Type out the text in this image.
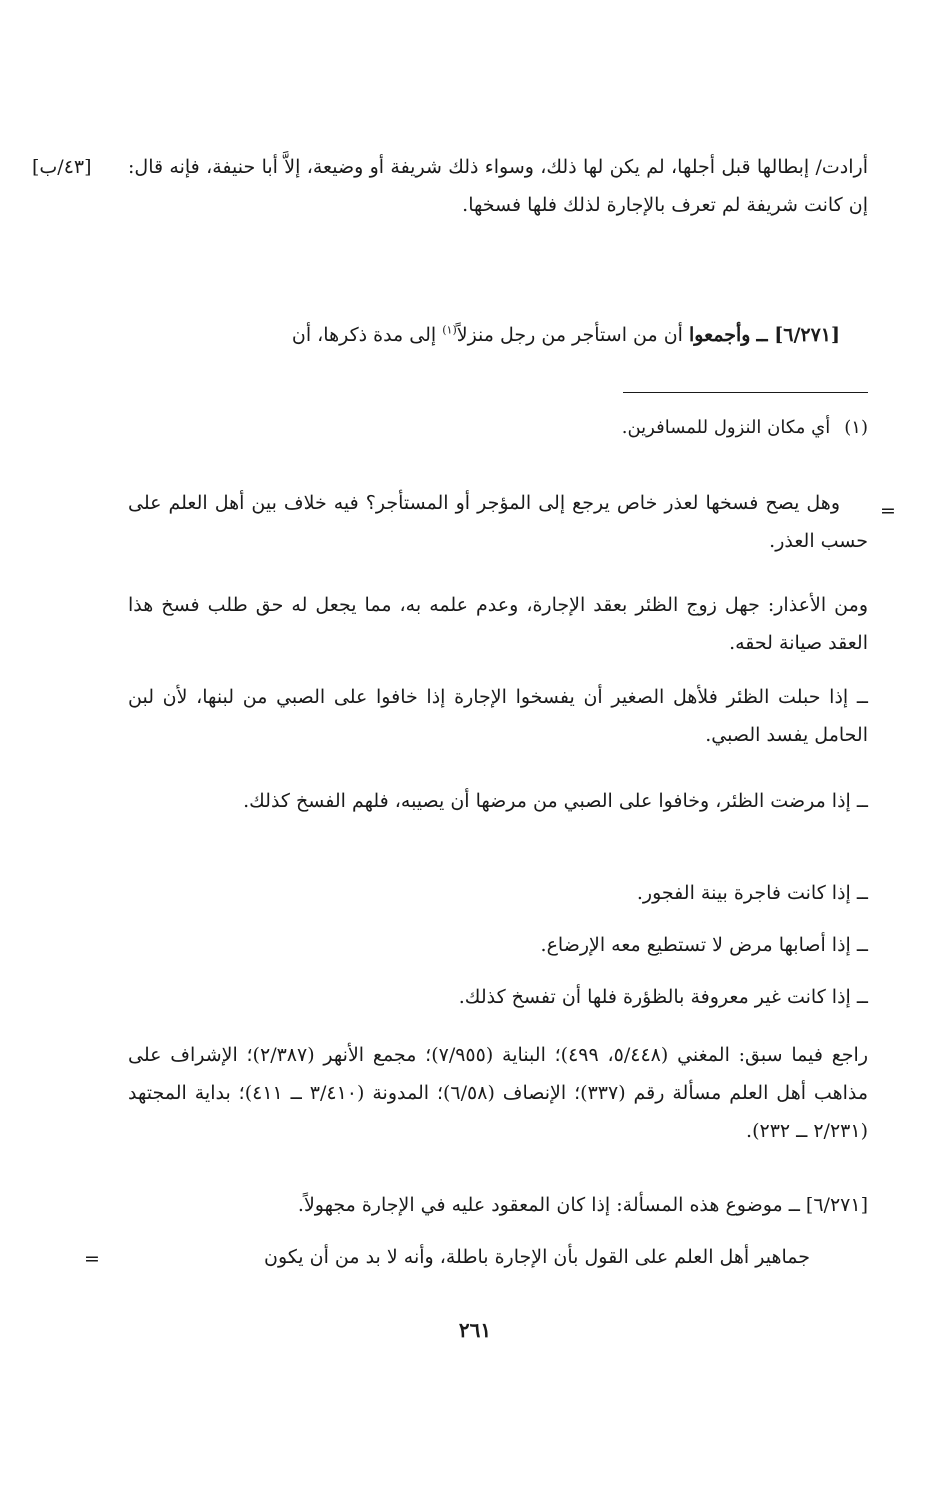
[٤٣/ب] أرادت/ إبطالها قبل أجلها، لم يكن لها ذلك، وسواء ذلك شريفة أو وضيعة، إلاَّ أبا حنيفة، فإنه قال: إن كانت شريفة لم تعرف بالإجارة لذلك فلها فسخها.
[٦/٢٧١] ــ وأجمعوا أن من استأجر من رجل منزلاً$^{(١)}$ إلى مدة ذكرها، أن
(١)أي مكان النزول للمسافرين.
=
وهل يصح فسخها لعذر خاص يرجع إلى المؤجر أو المستأجر؟ فيه خلاف بين أهل العلم على حسب العذر.
ومن الأعذار: جهل زوج الظئر بعقد الإجارة، وعدم علمه به، مما يجعل له حق طلب فسخ هذا العقد صيانة لحقه.
ــ إذا حبلت الظئر فلأهل الصغير أن يفسخوا الإجارة إذا خافوا على الصبي من لبنها، لأن لبن الحامل يفسد الصبي.
ــ إذا مرضت الظئر، وخافوا على الصبي من مرضها أن يصيبه، فلهم الفسخ كذلك.
ــ إذا كانت فاجرة بينة الفجور.
ــ إذا أصابها مرض لا تستطيع معه الإرضاع.
ــ إذا كانت غير معروفة بالظؤرة فلها أن تفسخ كذلك.
راجع فيما سبق: المغني (٥/٤٤٨، ٤٩٩)؛ البناية (٧/٩٥٥)؛ مجمع الأنهر (٢/٣٨٧)؛ الإشراف على مذاهب أهل العلم مسألة رقم (٣٣٧)؛ الإنصاف (٦/٥٨)؛ المدونة (٣/٤١٠ ــ ٤١١)؛ بداية المجتهد (٢/٢٣١ ــ ٢٣٢).
[٦/٢٧١] ــ موضوع هذه المسألة: إذا كان المعقود عليه في الإجارة مجهولاً.
جماهير أهل العلم على القول بأن الإجارة باطلة، وأنه لا بد من أن يكون
=
٢٦١
